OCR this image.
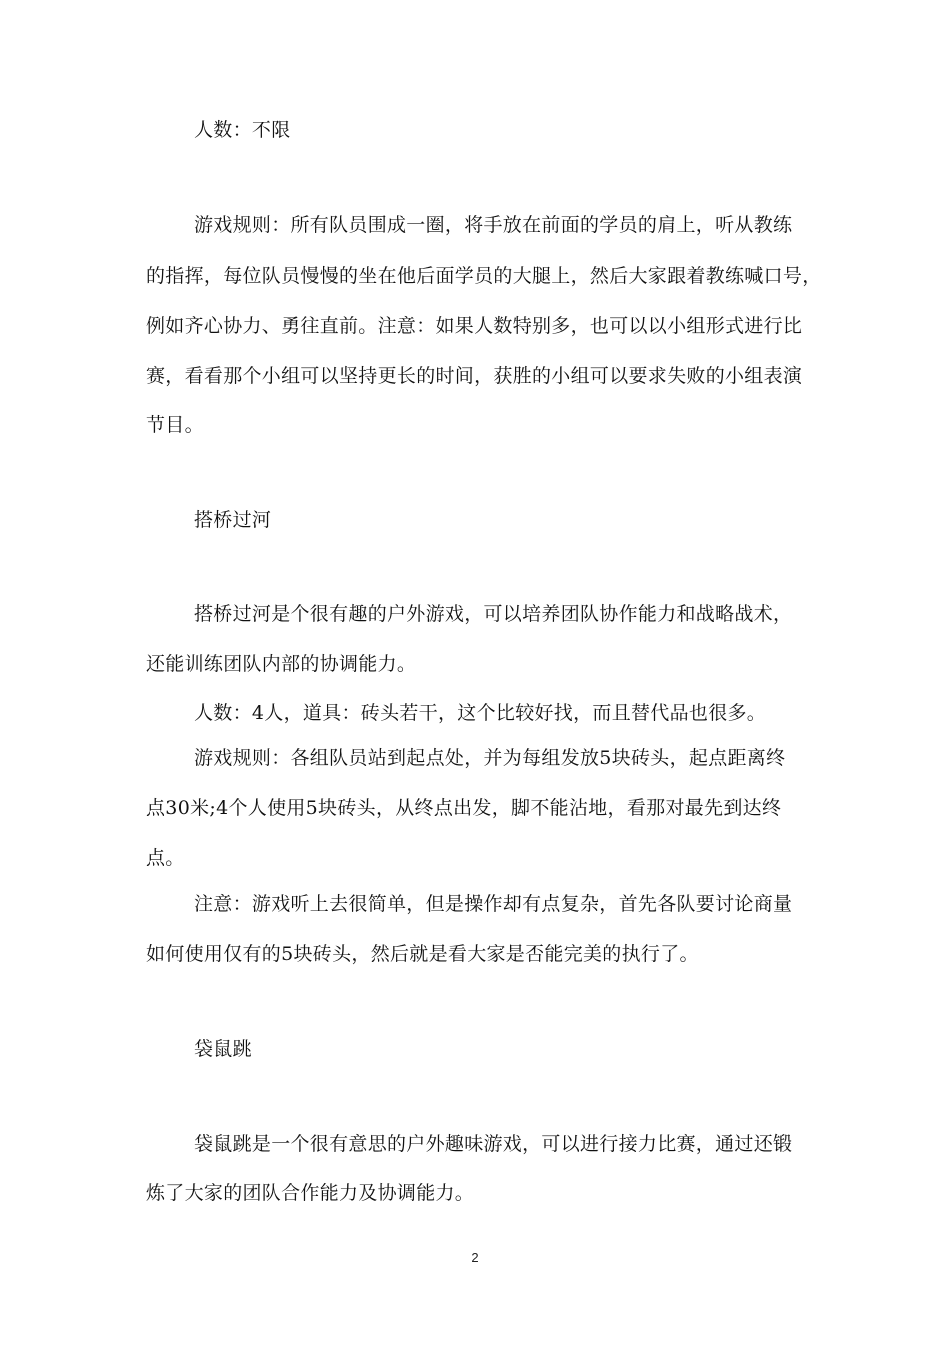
人数：不限
游戏规则：所有队员围成一圈，将手放在前面的学员的肩上，听从教练
的指挥，每位队员慢慢的坐在他后面学员的大腿上，然后大家跟着教练喊口号，
例如齐心协力、勇往直前。注意：如果人数特别多，也可以以小组形式进行比
赛，看看那个小组可以坚持更长的时间，获胜的小组可以要求失败的小组表演
节目。
搭桥过河
搭桥过河是个很有趣的户外游戏，可以培养团队协作能力和战略战术，
还能训练团队内部的协调能力。
人数：4人，道具：砖头若干，这个比较好找，而且替代品也很多。
游戏规则：各组队员站到起点处，并为每组发放5块砖头，起点距离终
点30米;4个人使用5块砖头，从终点出发，脚不能沾地，看那对最先到达终
点。
注意：游戏听上去很简单，但是操作却有点复杂，首先各队要讨论商量
如何使用仅有的5块砖头，然后就是看大家是否能完美的执行了。
袋鼠跳
袋鼠跳是一个很有意思的户外趣味游戏，可以进行接力比赛，通过还锻
炼了大家的团队合作能力及协调能力。
2
